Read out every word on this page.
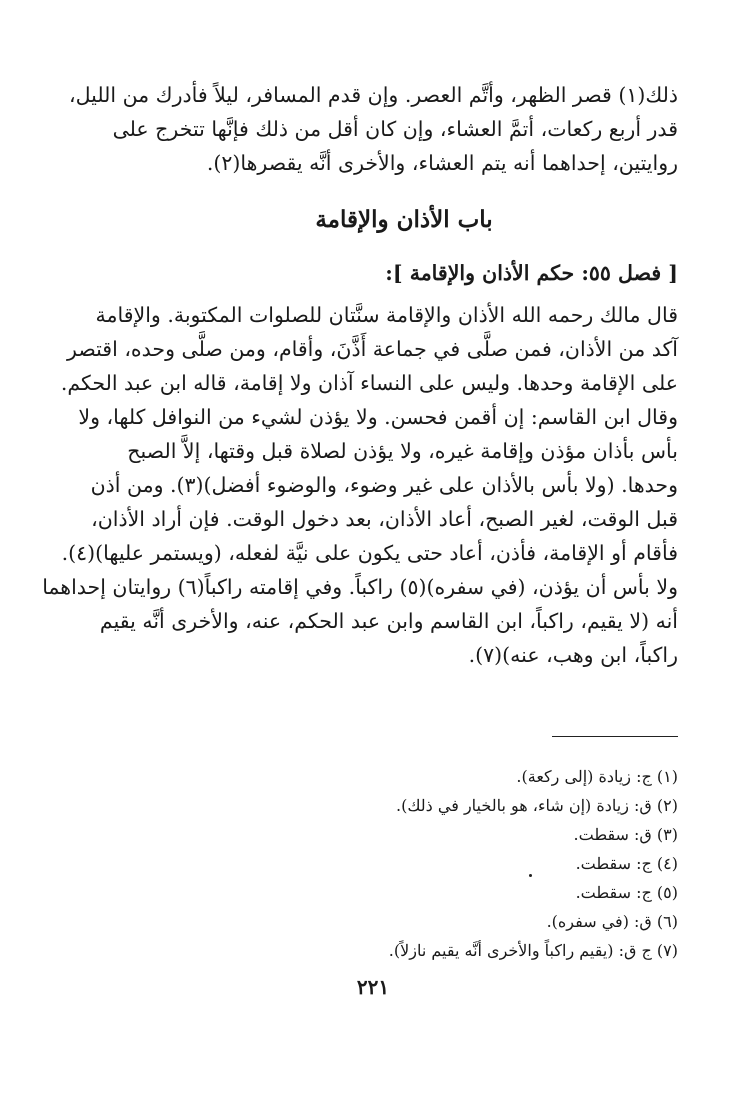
ذلك(١) قصر الظهر، وأتَّم العصر. وإن قدم المسافر، ليلاً فأدرك من الليل،
قدر أربع ركعات، أتمَّ العشاء، وإن كان أقل من ذلك فإنَّها تتخرج على
روايتين، إحداهما أنه يتم العشاء، والأخرى أنَّه يقصرها(٢).
باب الأذان والإقامة
[ فصل ٥٥: حكم الأذان والإقامة ]:
قال مالك رحمه الله الأذان والإقامة سنَّتان للصلوات المكتوبة. والإقامة
آكد من الأذان، فمن صلَّى في جماعة أَذَّنَ، وأقام، ومن صلَّى وحده، اقتصر
على الإقامة وحدها. وليس على النساء آذان ولا إقامة، قاله ابن عبد الحكم.
وقال ابن القاسم: إن أقمن فحسن. ولا يؤذن لشيء من النوافل كلها، ولا
بأس بأذان مؤذن وإقامة غيره، ولا يؤذن لصلاة قبل وقتها، إلاَّ الصبح
وحدها. (ولا بأس بالأذان على غير وضوء، والوضوء أفضل)(٣). ومن أذن
قبل الوقت، لغير الصبح، أعاد الأذان، بعد دخول الوقت. فإن أراد الأذان،
فأقام أو الإقامة، فأذن، أعاد حتى يكون على نيَّة لفعله، (ويستمر عليها)(٤).
ولا بأس أن يؤذن، (في سفره)(٥) راكباً. وفي إقامته راكباً(٦) روايتان إحداهما
أنه (لا يقيم، راكباً، ابن القاسم وابن عبد الحكم، عنه، والأخرى أنَّه يقيم
راكباً، ابن وهب، عنه)(٧).
(١) ج: زيادة (إلى ركعة).
(٢) ق: زيادة (إن شاء، هو بالخيار في ذلك).
(٣) ق: سقطت.
(٤) ج: سقطت.
(٥) ج: سقطت.
(٦) ق: (في سفره).
(٧) ج ق: (يقيم راكباً والأخرى أنَّه يقيم نازلاً).
٢٢١
